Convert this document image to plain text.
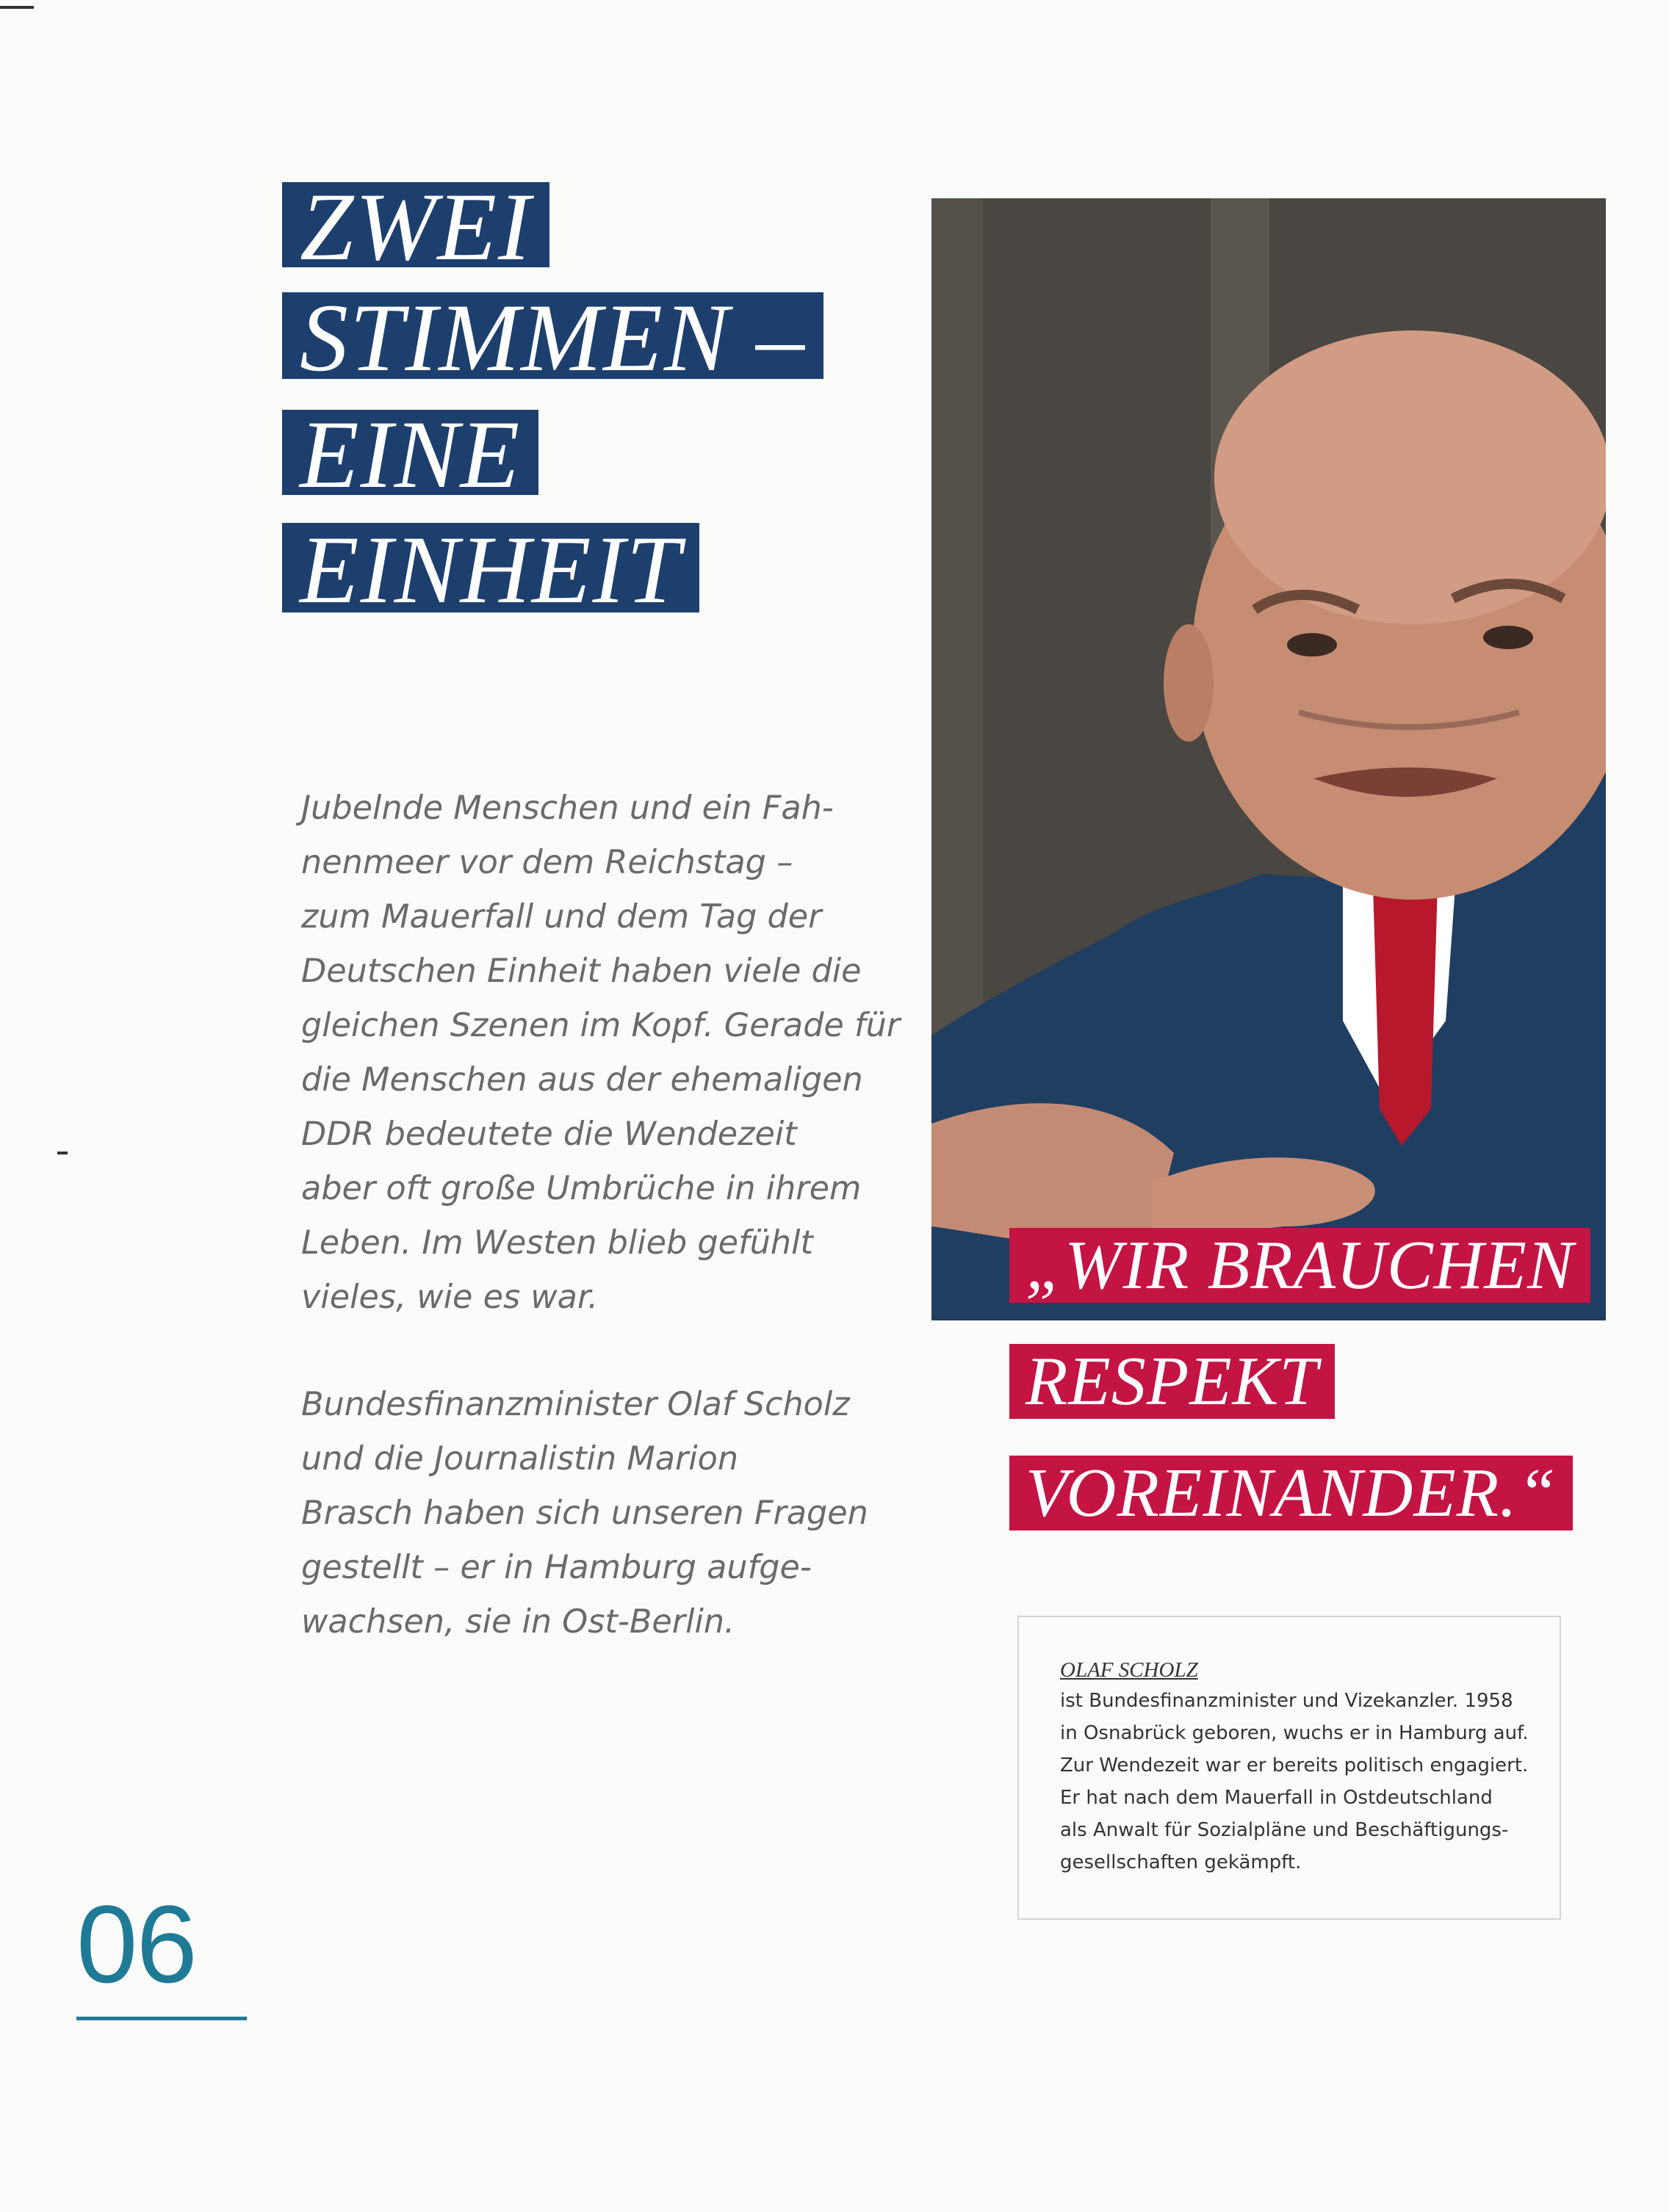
ZWEI
STIMMEN –
EINE
EINHEIT
Jubelnde Menschen und ein Fah-
nenmeer vor dem Reichstag –
zum Mauerfall und dem Tag der
Deutschen Einheit haben viele die
gleichen Szenen im Kopf. Gerade für
die Menschen aus der ehemaligen
DDR bedeutete die Wendezeit
aber oft große Umbrüche in ihrem
Leben. Im Westen blieb gefühlt
vieles, wie es war.
Bundesfinanzminister Olaf Scholz
und die Journalistin Marion
Brasch haben sich unseren Fragen
gestellt – er in Hamburg aufge-
wachsen, sie in Ost-Berlin.
„WIR BRAUCHEN
RESPEKT
VOREINANDER.“
OLAF SCHOLZ
ist Bundesfinanzminister und Vizekanzler. 1958
in Osnabrück geboren, wuchs er in Hamburg auf.
Zur Wendezeit war er bereits politisch engagiert.
Er hat nach dem Mauerfall in Ostdeutschland
als Anwalt für Sozialpläne und Beschäftigungs-
gesellschaften gekämpft.
06
